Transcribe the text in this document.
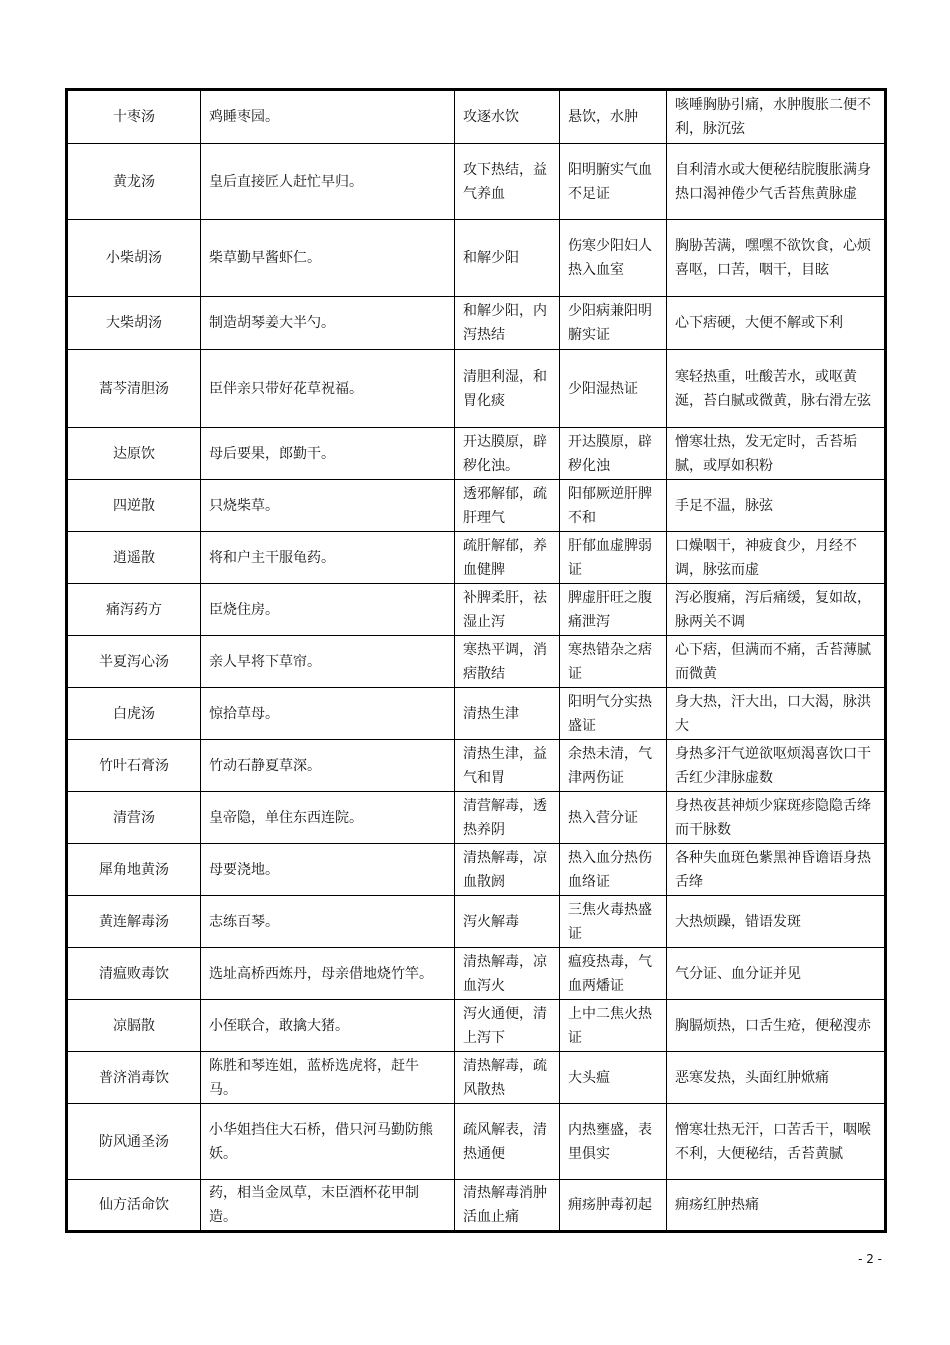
十枣汤	鸡睡枣园。	攻逐水饮	悬饮，水肿	咳唾胸胁引痛，水肿腹胀二便不利，脉沉弦
黄龙汤	皇后直接匠人赶忙早归。	攻下热结，益气养血	阳明腑实气血不足证	自利清水或大便秘结脘腹胀满身热口渴神倦少气舌苔焦黄脉虚
小柴胡汤	柴草勤早酱虾仁。	和解少阳	伤寒少阳妇人热入血室	胸胁苦满，嘿嘿不欲饮食，心烦喜呕，口苦，咽干，目眩
大柴胡汤	制造胡琴姜大半勺。	和解少阳，内泻热结	少阳病兼阳明腑实证	心下痞硬，大便不解或下利
蒿芩清胆汤	臣伴亲只带好花草祝福。	清胆利湿，和胃化痰	少阳湿热证	寒轻热重，吐酸苦水，或呕黄涎，苔白腻或微黄，脉右滑左弦
达原饮	母后要果，郎勤干。	开达膜原，辟秽化浊。	开达膜原，辟秽化浊	憎寒壮热，发无定时，舌苔垢腻，或厚如积粉
四逆散	只烧柴草。	透邪解郁，疏肝理气	阳郁厥逆肝脾不和	手足不温，脉弦
逍遥散	将和户主干服龟药。	疏肝解郁，养血健脾	肝郁血虚脾弱证	口燥咽干，神疲食少，月经不调，脉弦而虚
痛泻药方	臣烧住房。	补脾柔肝，祛湿止泻	脾虚肝旺之腹痛泄泻	泻必腹痛，泻后痛缓，复如故，脉两关不调
半夏泻心汤	亲人早将下草帘。	寒热平调，消痞散结	寒热错杂之痞证	心下痞，但满而不痛，舌苔薄腻而微黄
白虎汤	惊拾草母。	清热生津	阳明气分实热盛证	身大热，汗大出，口大渴，脉洪大
竹叶石膏汤	竹动石静夏草深。	清热生津，益气和胃	余热未清，气津两伤证	身热多汗气逆欲呕烦渴喜饮口干舌红少津脉虚数
清营汤	皇帝隐，单住东西连院。	清营解毒，透热养阴	热入营分证	身热夜甚神烦少寐斑疹隐隐舌绛而干脉数
犀角地黄汤	母要浇地。	清热解毒，凉血散阏	热入血分热伤血络证	各种失血斑色紫黑神昏谵语身热舌绛
黄连解毒汤	志练百琴。	泻火解毒	三焦火毒热盛证	大热烦躁，错语发斑
清瘟败毒饮	选址高桥西炼丹，母亲借地烧竹竿。	清热解毒，凉血泻火	瘟疫热毒，气血两燔证	气分证、血分证并见
凉膈散	小侄联合，敢擒大猪。	泻火通便，清上泻下	上中二焦火热证	胸膈烦热，口舌生疮，便秘溲赤
普济消毒饮	陈胜和琴连姐，蓝桥选虎将，赶牛马。	清热解毒，疏风散热	大头瘟	恶寒发热，头面红肿焮痛
防风通圣汤	小华姐挡住大石桥，借只河马勤防熊妖。	疏风解表，清热通便	内热壅盛，表里俱实	憎寒壮热无汗，口苦舌干，咽喉不利，大便秘结，舌苔黄腻
仙方活命饮	药，相当金凤草，末臣酒杯花甲制造。	清热解毒消肿活血止痛	痈疡肿毒初起	痈疡红肿热痛
- 2 -
